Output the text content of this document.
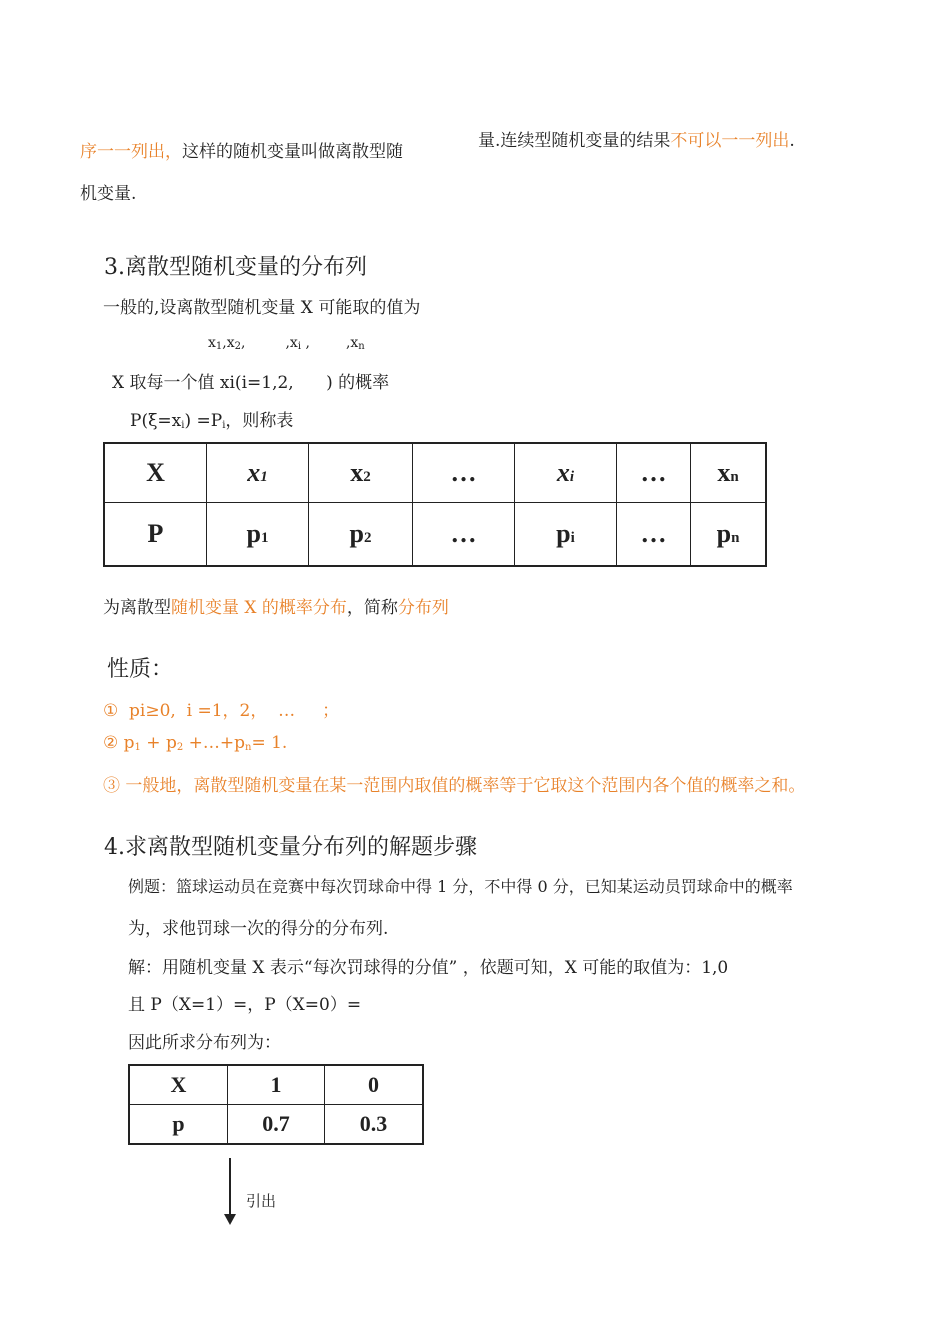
序一一列出，这样的随机变量叫做离散型随
机变量.
量.连续型随机变量的结果不可以一一列出.
3.离散型随机变量的分布列
一般的,设离散型随机变量 X 可能取的值为
$x_1,x_2$,	$,x_i$ ,	$,x_n$
X 取每一个值 xi(i=1,2,      ) 的概率
$P(\xi=x_i) =P_i$，则称表
X	x1	x2	…	xi	…	xn
P	p1	p2	…	pi	…	pn
为离散型随机变量 X 的概率分布，简称分布列
性质：
①  pi≥0,  i =1，2，  …     ；
② $p_1 + p_2$ $+\dots+p_n= 1$.
③ 一般地，离散型随机变量在某一范围内取值的概率等于它取这个范围内各个值的概率之和。
4.求离散型随机变量分布列的解题步骤
例题：篮球运动员在竞赛中每次罚球命中得 1 分，不中得 0 分，已知某运动员罚球命中的概率
为，求他罚球一次的得分的分布列.
解：用随机变量 X 表示“每次罚球得的分值” ，依题可知，X 可能的取值为：1,0
且 P（X=1）=，P（X=0）=
因此所求分布列为：
X	1	0
p	0.7	0.3
引出
